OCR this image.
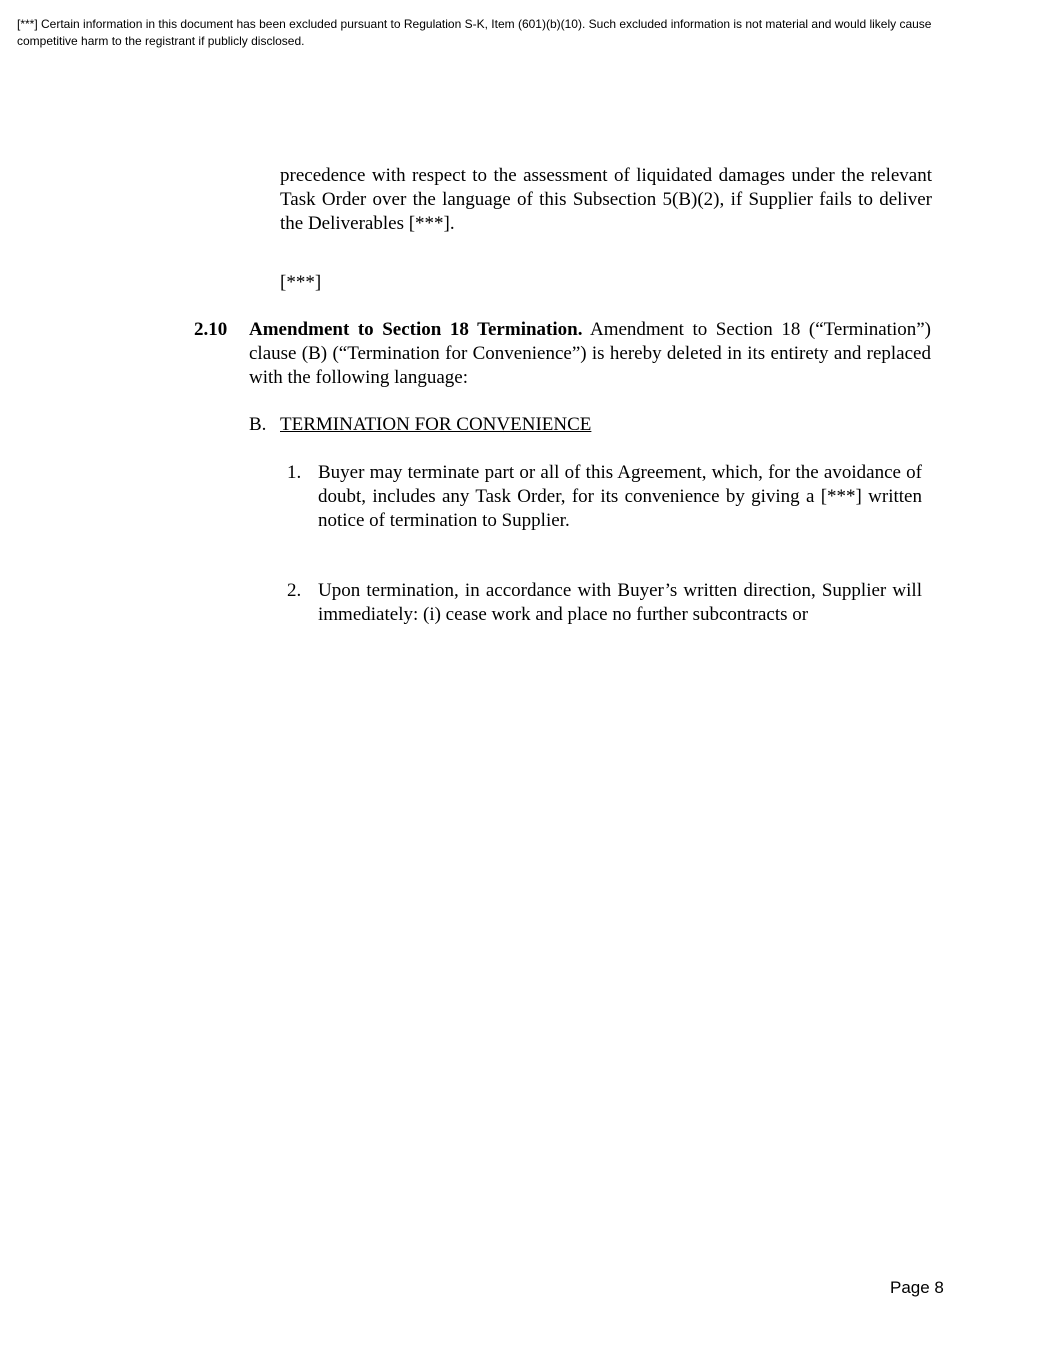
[***] Certain information in this document has been excluded pursuant to Regulation S-K, Item (601)(b)(10). Such excluded information is not material and would likely cause competitive harm to the registrant if publicly disclosed.

precedence with respect to the assessment of liquidated damages under the relevant Task Order over the language of this Subsection 5(B)(2), if Supplier fails to deliver the Deliverables [***].

[***]

2.10 Amendment to Section 18 Termination. Amendment to Section 18 (“Termination”) clause (B) (“Termination for Convenience”) is hereby deleted in its entirety and replaced with the following language:

B. TERMINATION FOR CONVENIENCE
1. Buyer may terminate part or all of this Agreement, which, for the avoidance of doubt, includes any Task Order, for its convenience by giving a [***] written notice of termination to Supplier.

2. Upon termination, in accordance with Buyer’s written direction, Supplier will immediately: (i) cease work and place no further subcontracts or

Page 8
